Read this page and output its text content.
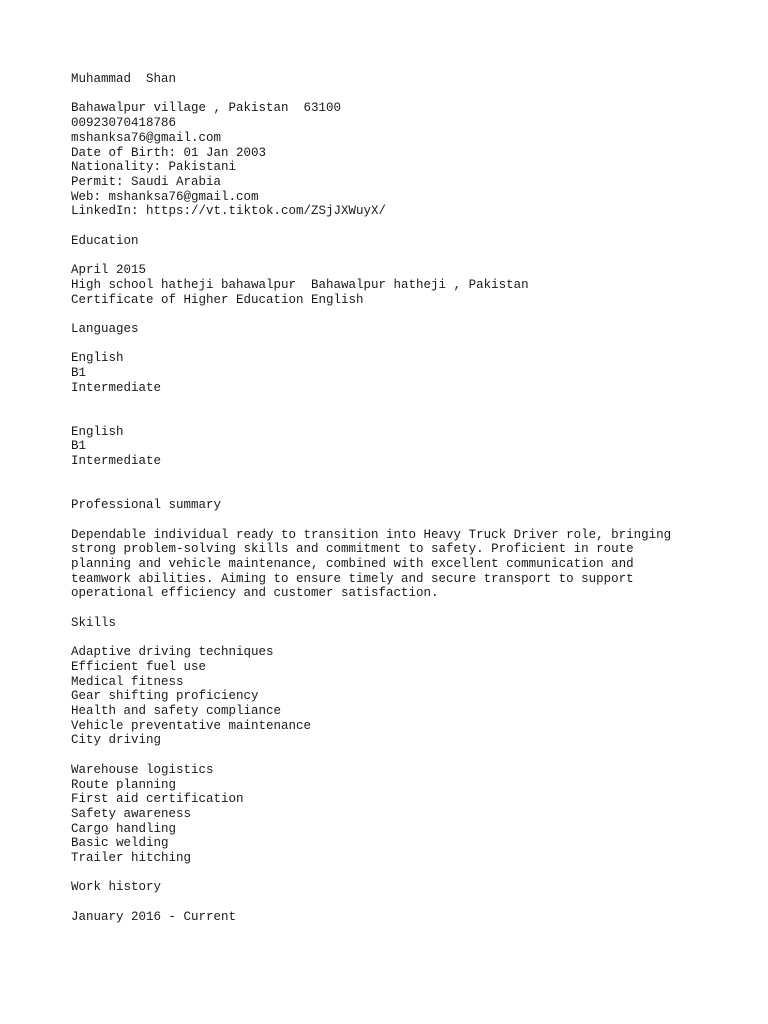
Muhammad  Shan
Bahawalpur village , Pakistan  63100
00923070418786
mshanksa76@gmail.com
Date of Birth: 01 Jan 2003
Nationality: Pakistani
Permit: Saudi Arabia
Web: mshanksa76@gmail.com
LinkedIn: https://vt.tiktok.com/ZSjJXWuyX/
Education
April 2015
High school hatheji bahawalpur  Bahawalpur hatheji , Pakistan
Certificate of Higher Education English
Languages
English
B1
Intermediate
English
B1
Intermediate
Professional summary
Dependable individual ready to transition into Heavy Truck Driver role, bringing
strong problem-solving skills and commitment to safety. Proficient in route
planning and vehicle maintenance, combined with excellent communication and
teamwork abilities. Aiming to ensure timely and secure transport to support
operational efficiency and customer satisfaction.
Skills
Adaptive driving techniques
Efficient fuel use
Medical fitness
Gear shifting proficiency
Health and safety compliance
Vehicle preventative maintenance
City driving
Warehouse logistics
Route planning
First aid certification
Safety awareness
Cargo handling
Basic welding
Trailer hitching
Work history
January 2016 - Current
